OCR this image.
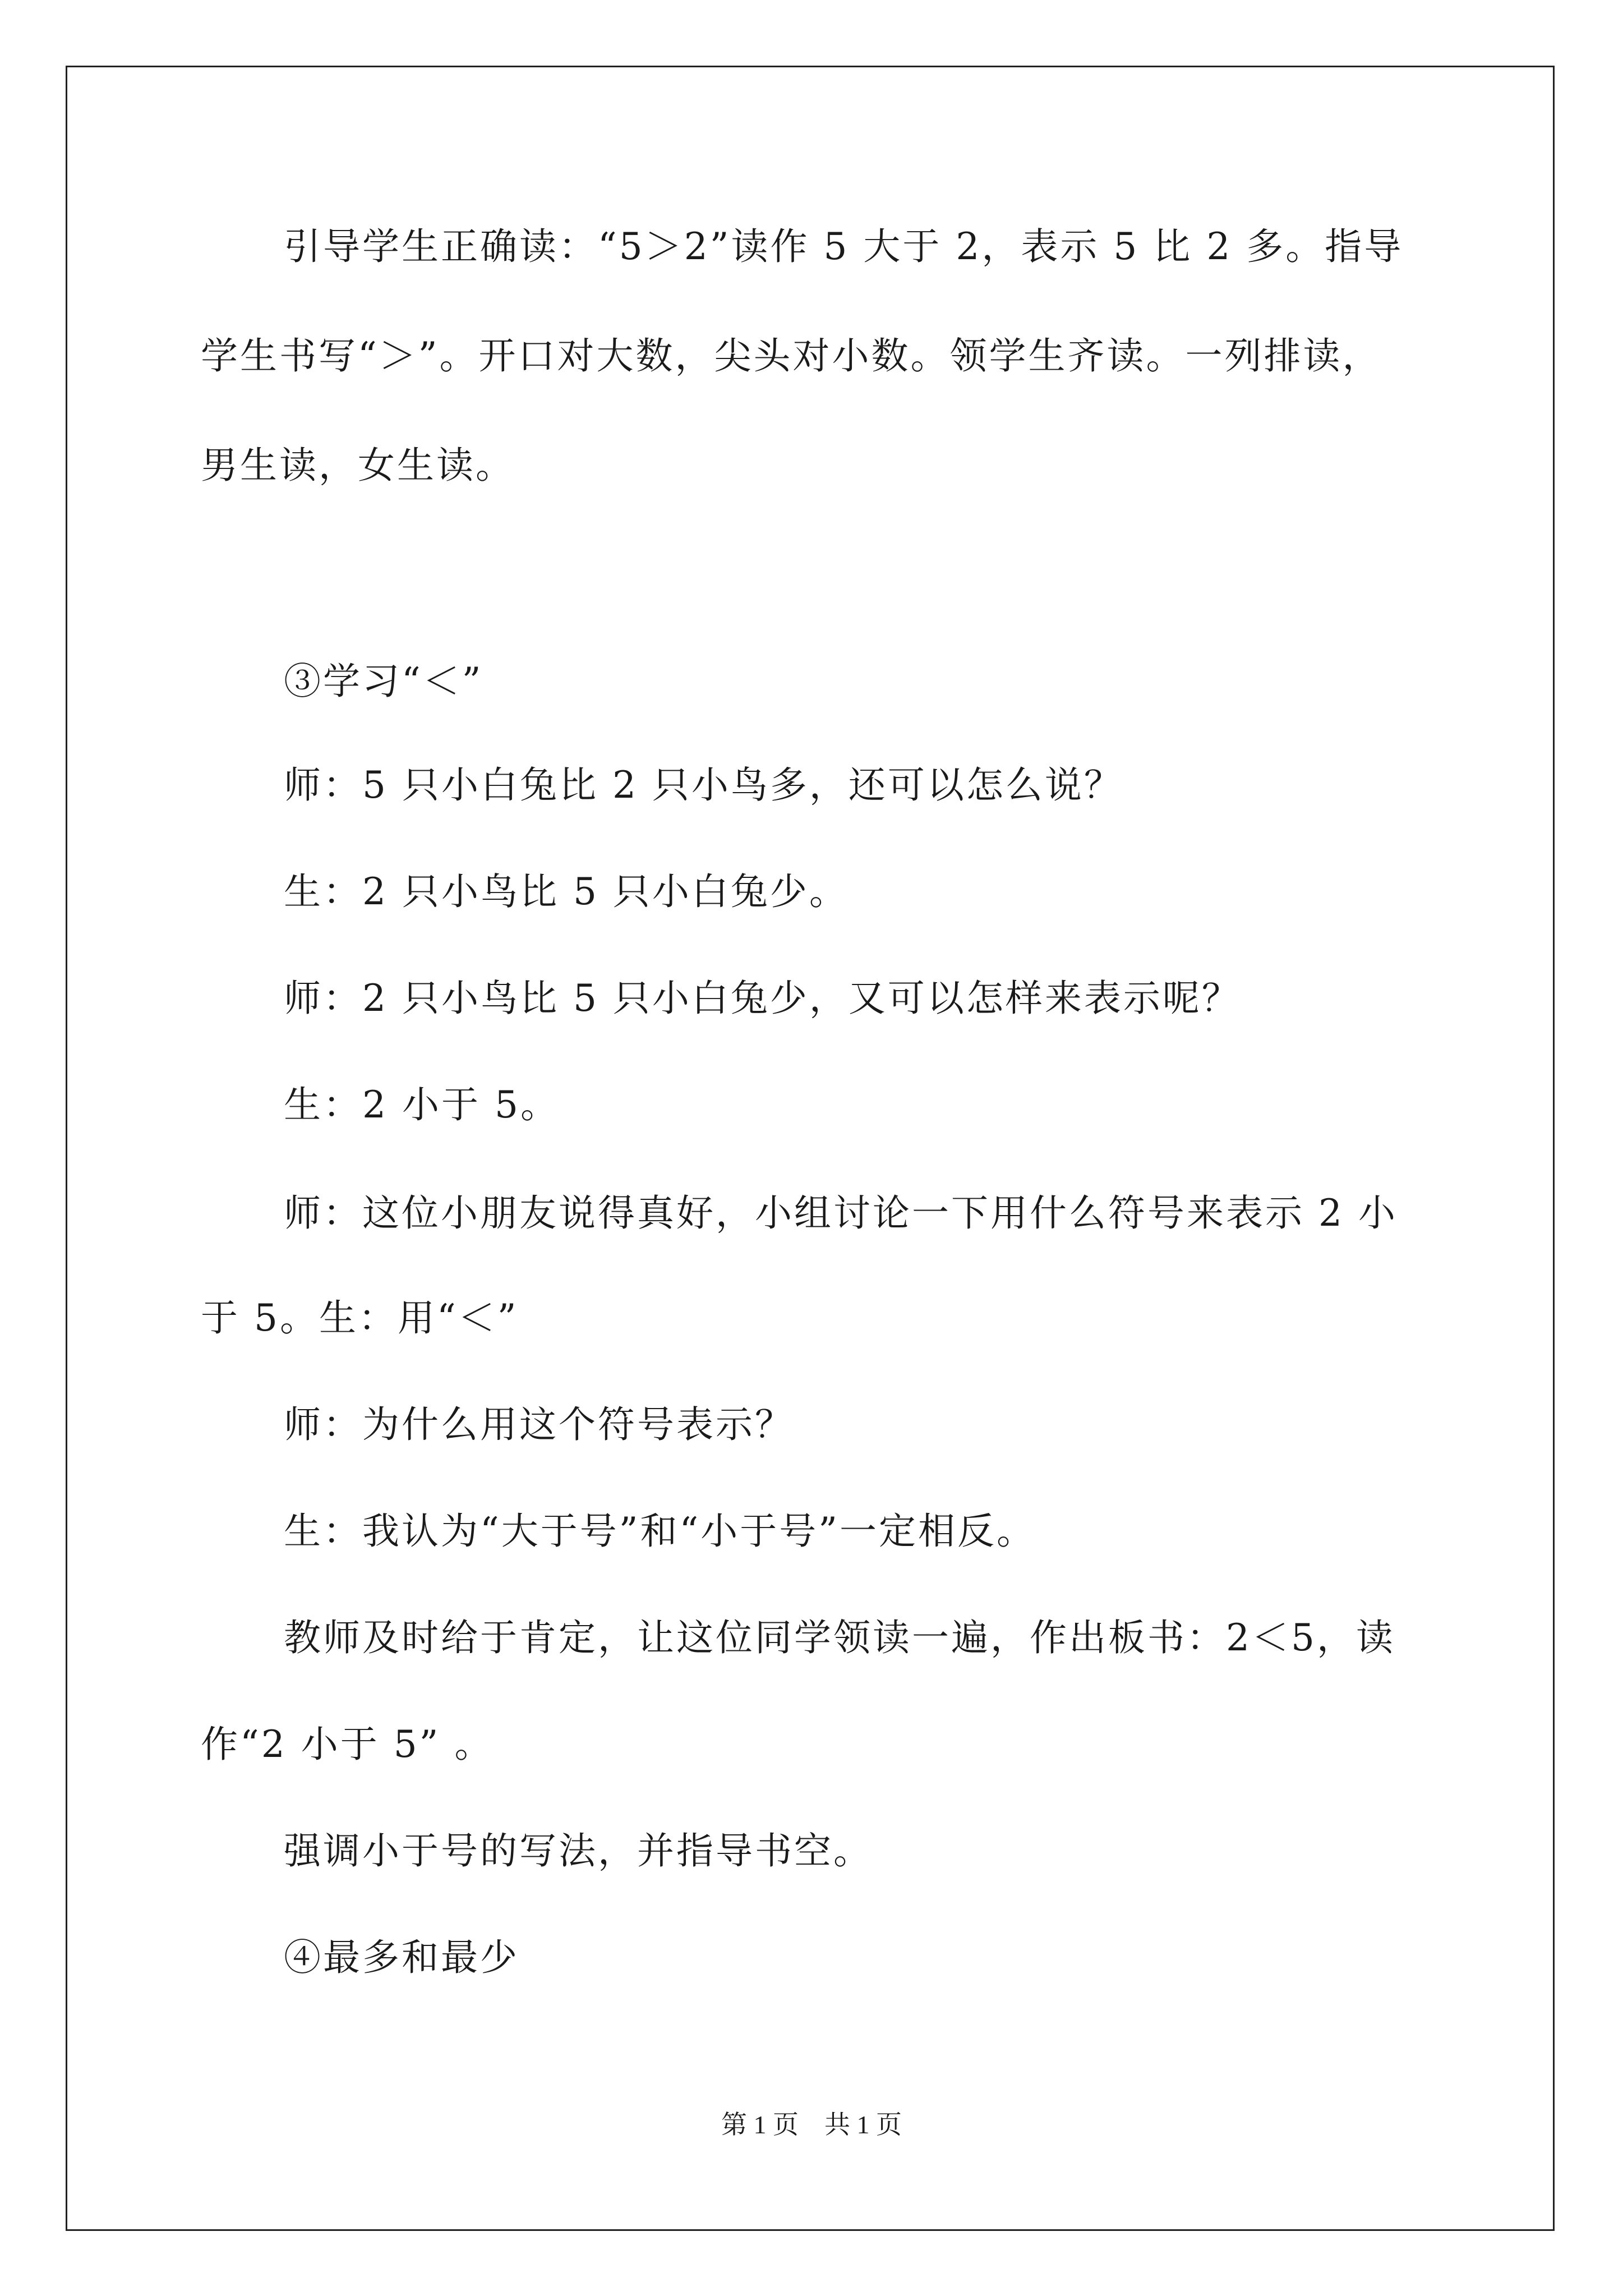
引导学生正确读：“5＞2”读作 5 大于 2，表示 5 比 2 多。指导
学生书写“＞”。开口对大数，尖头对小数。领学生齐读。一列排读，
男生读，女生读。
③学习“＜”
师：5 只小白兔比 2 只小鸟多，还可以怎么说？
生：2 只小鸟比 5 只小白兔少。
师：2 只小鸟比 5 只小白兔少，又可以怎样来表示呢？
生：2 小于 5。
师：这位小朋友说得真好，小组讨论一下用什么符号来表示 2 小
于 5。生：用“＜”
师：为什么用这个符号表示？
生：我认为“大于号”和“小于号”一定相反。
教师及时给于肯定，让这位同学领读一遍，作出板书：2＜5，读
作“2 小于 5” 。
强调小于号的写法，并指导书空。
④最多和最少
第 1 页　共 1 页
